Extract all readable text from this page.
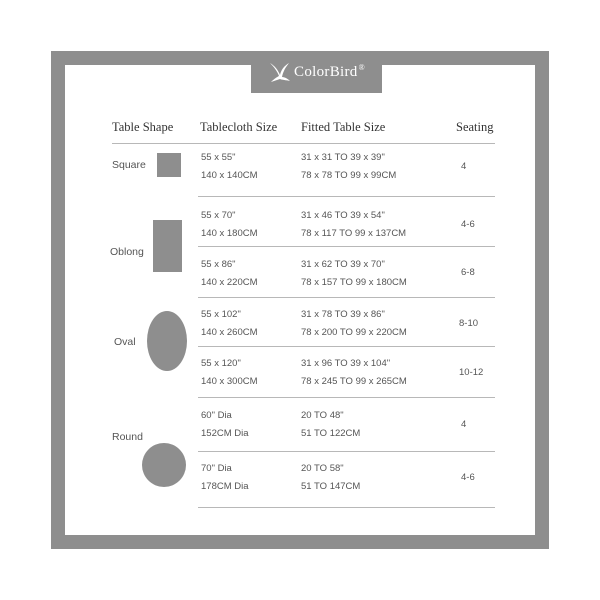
ColorBird®
Table Shape Tablecloth Size Fitted Table Size	Seating
Square
55 x 55"
140 x 140CM
31 x 31 TO 39 x 39"
78 x 78 TO 99 x 99CM
4
Oblong
55 x 70"
140 x 180CM
31 x 46 TO 39 x 54"
78 x 117 TO 99 x 137CM
4-6
55 x 86"
140 x 220CM
31 x 62 TO 39 x 70"
78 x 157 TO 99 x 180CM
6-8
Oval
55 x 102"
140 x 260CM
31 x 78 TO 39 x 86"
78 x 200 TO 99 x 220CM
8-10
55 x 120"
140 x 300CM
31 x 96 TO 39 x 104"
78 x 245 TO 99 x 265CM
10-12
Round
60" Dia
152CM Dia
20 TO 48"
51 TO 122CM
4
70" Dia
178CM Dia
20 TO 58"
51 TO 147CM
4-6
